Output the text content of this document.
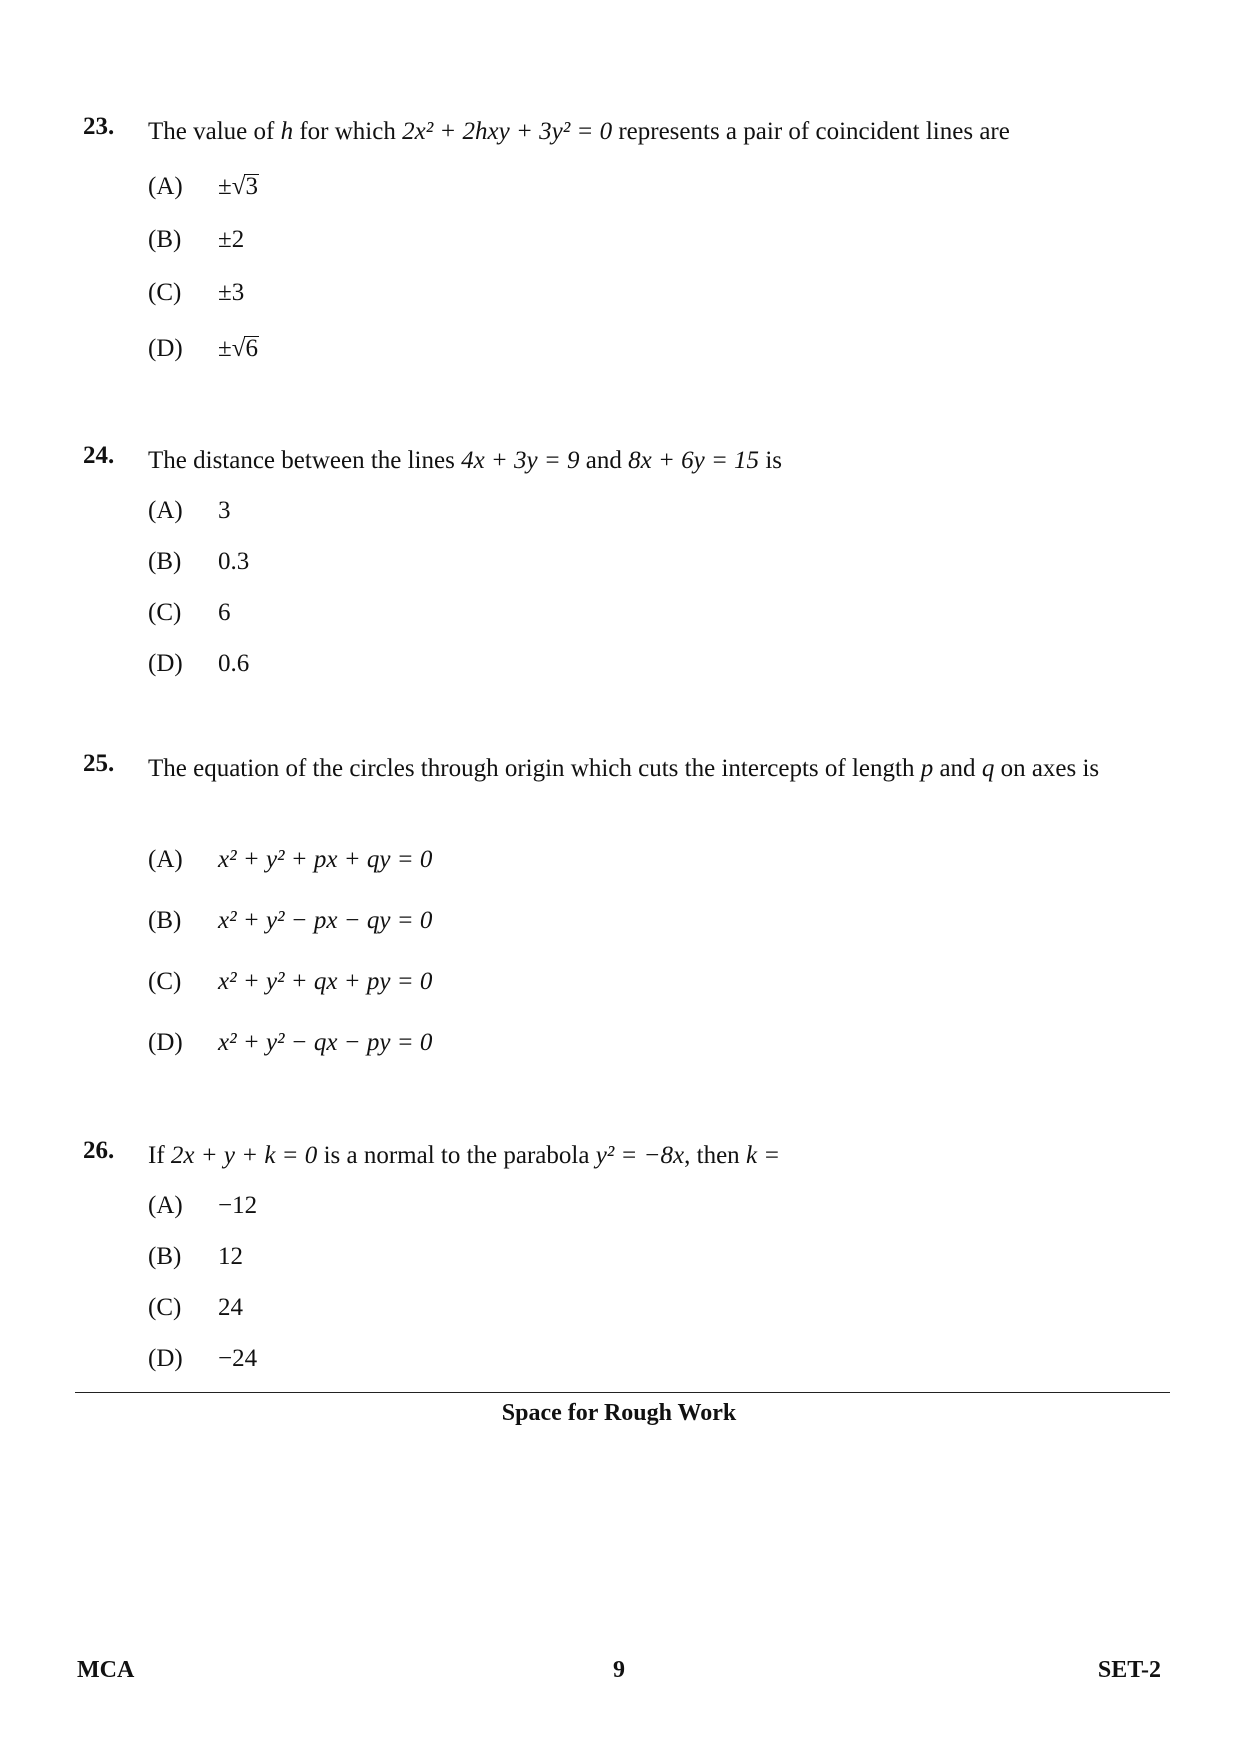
23. The value of h for which 2x² + 2hxy + 3y² = 0 represents a pair of coincident lines are
(A) ±√3
(B) ±2
(C) ±3
(D) ±√6
24. The distance between the lines 4x + 3y = 9 and 8x + 6y = 15 is
(A) 3
(B) 0.3
(C) 6
(D) 0.6
25. The equation of the circles through origin which cuts the intercepts of length p and q on axes is
(A) x² + y² + px + qy = 0
(B) x² + y² − px − qy = 0
(C) x² + y² + qx + py = 0
(D) x² + y² − qx − py = 0
26. If 2x + y + k = 0 is a normal to the parabola y² = −8x, then k =
(A) −12
(B) 12
(C) 24
(D) −24
Space for Rough Work
MCA	9	SET-2
